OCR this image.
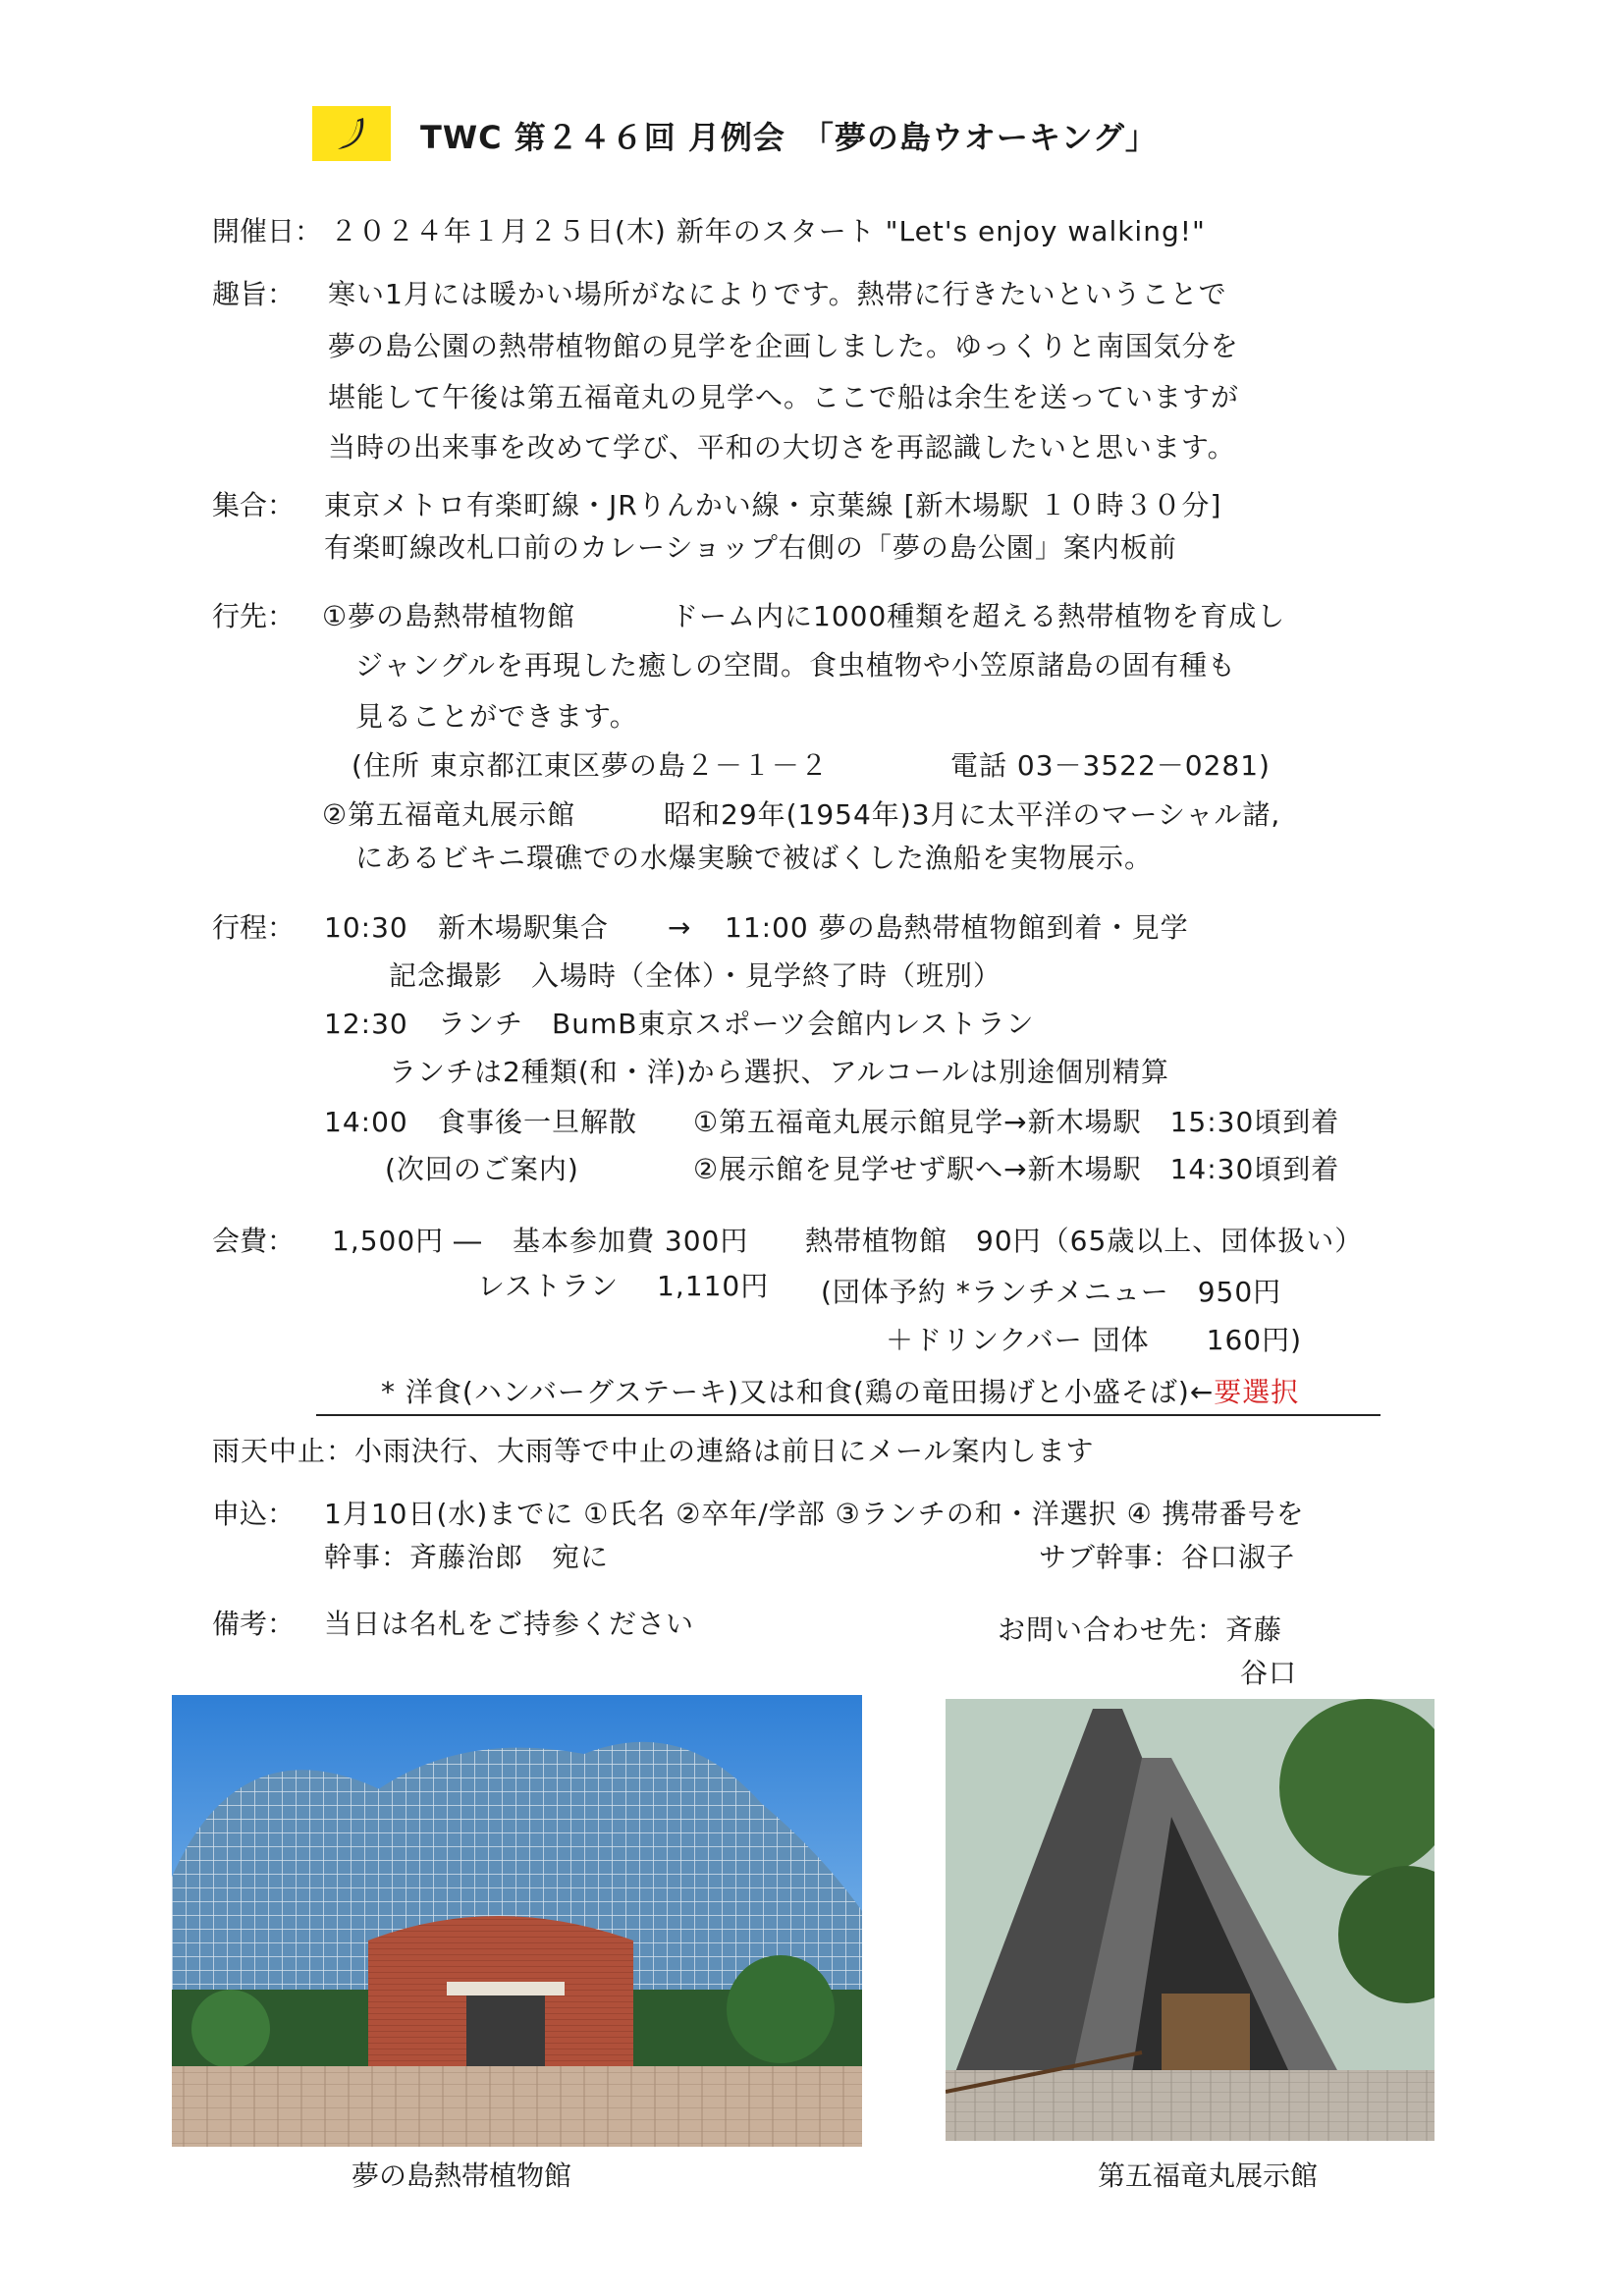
TWC 第２４６回 月例会　「夢の島ウオーキング」
開催日： ２０２４年１月２５日(木) 新年のスタート "Let's enjoy walking!"
趣旨： 寒い1月には暖かい場所がなによりです。熱帯に行きたいということで
夢の島公園の熱帯植物館の見学を企画しました。ゆっくりと南国気分を
堪能して午後は第五福竜丸の見学へ。ここで船は余生を送っていますが
当時の出来事を改めて学び、平和の大切さを再認識したいと思います。
集合： 東京メトロ有楽町線・JRりんかい線・京葉線 [新木場駅 １０時３０分]
有楽町線改札口前のカレーショップ右側の「夢の島公園」案内板前
行先： ①夢の島熱帯植物館	ドーム内に1000種類を超える熱帯植物を育成し
ジャングルを再現した癒しの空間。食虫植物や小笠原諸島の固有種も
見ることができます。
(住所 東京都江東区夢の島２－１－２	電話 03－3522－0281)
②第五福竜丸展示館	昭和29年(1954年)3月に太平洋のマーシャル諸,
にあるビキニ環礁での水爆実験で被ばくした漁船を実物展示。
行程： 10:30 新木場駅集合 → 11:00 夢の島熱帯植物館到着・見学
記念撮影　入場時（全体）・見学終了時（班別）
12:30 ランチ　BumB東京スポーツ会館内レストラン
ランチは2種類(和・洋)から選択、アルコールは別途個別精算
14:00 食事後一旦解散 ①第五福竜丸展示館見学→新木場駅　15:30頃到着
(次回のご案内)	②展示館を見学せず駅へ→新木場駅　14:30頃到着
会費： 1,500円 ― 基本参加費 300円 熱帯植物館　90円（65歳以上、団体扱い）
レストラン　 1,110円 (団体予約 *ランチメニュー　950円
＋ドリンクバー 団体　　160円)
* 洋食(ハンバーグステーキ)又は和食(鶏の竜田揚げと小盛そば)←要選択
雨天中止：小雨決行、大雨等で中止の連絡は前日にメール案内します
申込： 1月10日(水)までに ①氏名 ②卒年/学部 ③ランチの和・洋選択 ④ 携帯番号を
幹事：斉藤治郎　宛に	サブ幹事：谷口淑子
備考： 当日は名札をご持参ください	お問い合わせ先：斉藤
谷口
夢の島熱帯植物館	第五福竜丸展示館
